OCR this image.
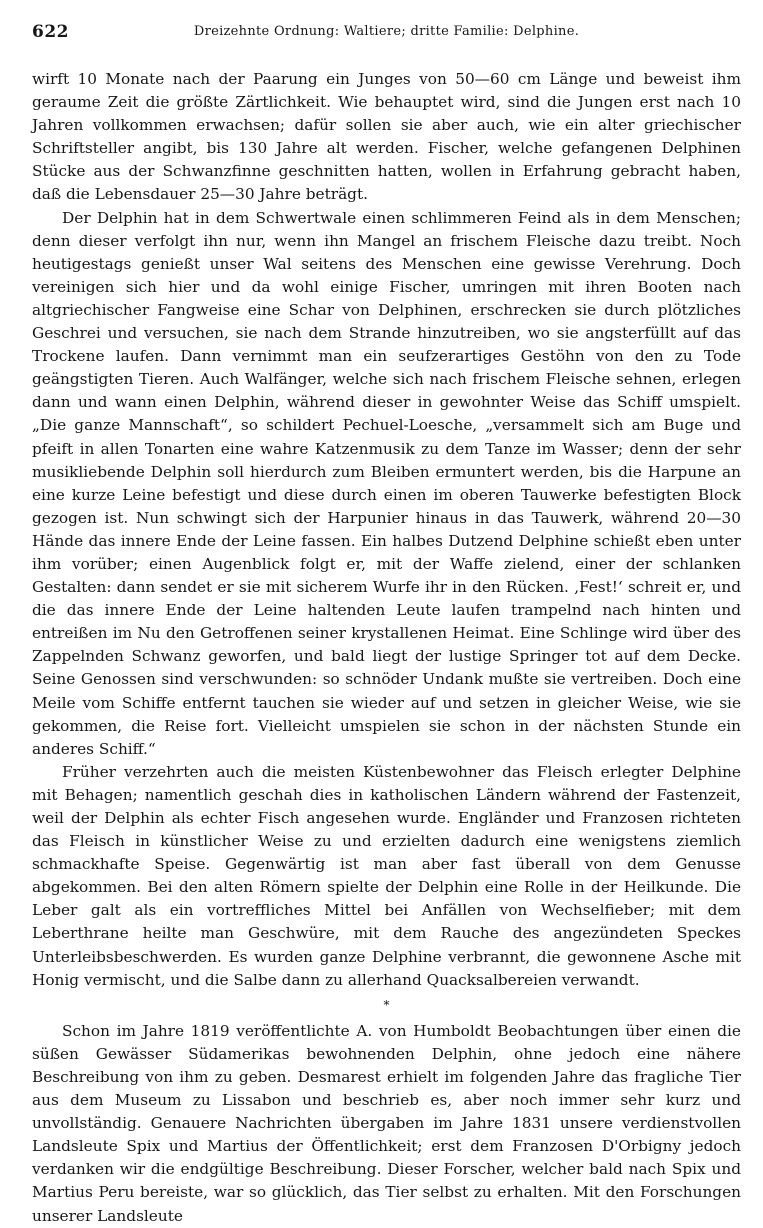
622	Dreizehnte Ordnung: Waltiere; dritte Familie: Delphine.

wirft 10 Monate nach der Paarung ein Junges von 50—60 cm Länge und beweist ihm geraume Zeit die größte Zärtlichkeit. Wie behauptet wird, sind die Jungen erst nach 10 Jahren vollkommen erwachsen; dafür sollen sie aber auch, wie ein alter griechischer Schriftsteller angibt, bis 130 Jahre alt werden. Fischer, welche gefangenen Delphinen Stücke aus der Schwanzfinne geschnitten hatten, wollen in Erfahrung gebracht haben, daß die Lebensdauer 25—30 Jahre beträgt.

Der Delphin hat in dem Schwertwale einen schlimmeren Feind als in dem Menschen; denn dieser verfolgt ihn nur, wenn ihn Mangel an frischem Fleische dazu treibt. Noch heutigestags genießt unser Wal seitens des Menschen eine gewisse Verehrung. Doch vereinigen sich hier und da wohl einige Fischer, umringen mit ihren Booten nach altgriechischer Fangweise eine Schar von Delphinen, erschrecken sie durch plötzliches Geschrei und versuchen, sie nach dem Strande hinzutreiben, wo sie angsterfüllt auf das Trockene laufen. Dann vernimmt man ein seufzerartiges Gestöhn von den zu Tode geängstigten Tieren. Auch Walfänger, welche sich nach frischem Fleische sehnen, erlegen dann und wann einen Delphin, während dieser in gewohnter Weise das Schiff umspielt. „Die ganze Mannschaft“, so schildert Pechuel-Loesche, „versammelt sich am Buge und pfeift in allen Tonarten eine wahre Katzenmusik zu dem Tanze im Wasser; denn der sehr musikliebende Delphin soll hierdurch zum Bleiben ermuntert werden, bis die Harpune an eine kurze Leine befestigt und diese durch einen im oberen Tauwerke befestigten Block gezogen ist. Nun schwingt sich der Harpunier hinaus in das Tauwerk, während 20—30 Hände das innere Ende der Leine fassen. Ein halbes Dutzend Delphine schießt eben unter ihm vorüber; einen Augenblick folgt er, mit der Waffe zielend, einer der schlanken Gestalten: dann sendet er sie mit sicherem Wurfe ihr in den Rücken. ‚Fest!‘ schreit er, und die das innere Ende der Leine haltenden Leute laufen trampelnd nach hinten und entreißen im Nu den Getroffenen seiner krystallenen Heimat. Eine Schlinge wird über des Zappelnden Schwanz geworfen, und bald liegt der lustige Springer tot auf dem Decke. Seine Genossen sind verschwunden: so schnöder Undank mußte sie vertreiben. Doch eine Meile vom Schiffe entfernt tauchen sie wieder auf und setzen in gleicher Weise, wie sie gekommen, die Reise fort. Vielleicht umspielen sie schon in der nächsten Stunde ein anderes Schiff.“

Früher verzehrten auch die meisten Küstenbewohner das Fleisch erlegter Delphine mit Behagen; namentlich geschah dies in katholischen Ländern während der Fastenzeit, weil der Delphin als echter Fisch angesehen wurde. Engländer und Franzosen richteten das Fleisch in künstlicher Weise zu und erzielten dadurch eine wenigstens ziemlich schmackhafte Speise. Gegenwärtig ist man aber fast überall von dem Genusse abgekommen. Bei den alten Römern spielte der Delphin eine Rolle in der Heilkunde. Die Leber galt als ein vortreffliches Mittel bei Anfällen von Wechselfieber; mit dem Leberthrane heilte man Geschwüre, mit dem Rauche des angezündeten Speckes Unterleibsbeschwerden. Es wurden ganze Delphine verbrannt, die gewonnene Asche mit Honig vermischt, und die Salbe dann zu allerhand Quacksalbereien verwandt.

*

Schon im Jahre 1819 veröffentlichte A. von Humboldt Beobachtungen über einen die süßen Gewässer Südamerikas bewohnenden Delphin, ohne jedoch eine nähere Beschreibung von ihm zu geben. Desmarest erhielt im folgenden Jahre das fragliche Tier aus dem Museum zu Lissabon und beschrieb es, aber noch immer sehr kurz und unvollständig. Genauere Nachrichten übergaben im Jahre 1831 unsere verdienstvollen Landsleute Spix und Martius der Öffentlichkeit; erst dem Franzosen D'Orbigny jedoch verdanken wir die endgültige Beschreibung. Dieser Forscher, welcher bald nach Spix und Martius Peru bereiste, war so glücklich, das Tier selbst zu erhalten. Mit den Forschungen unserer Landsleute
